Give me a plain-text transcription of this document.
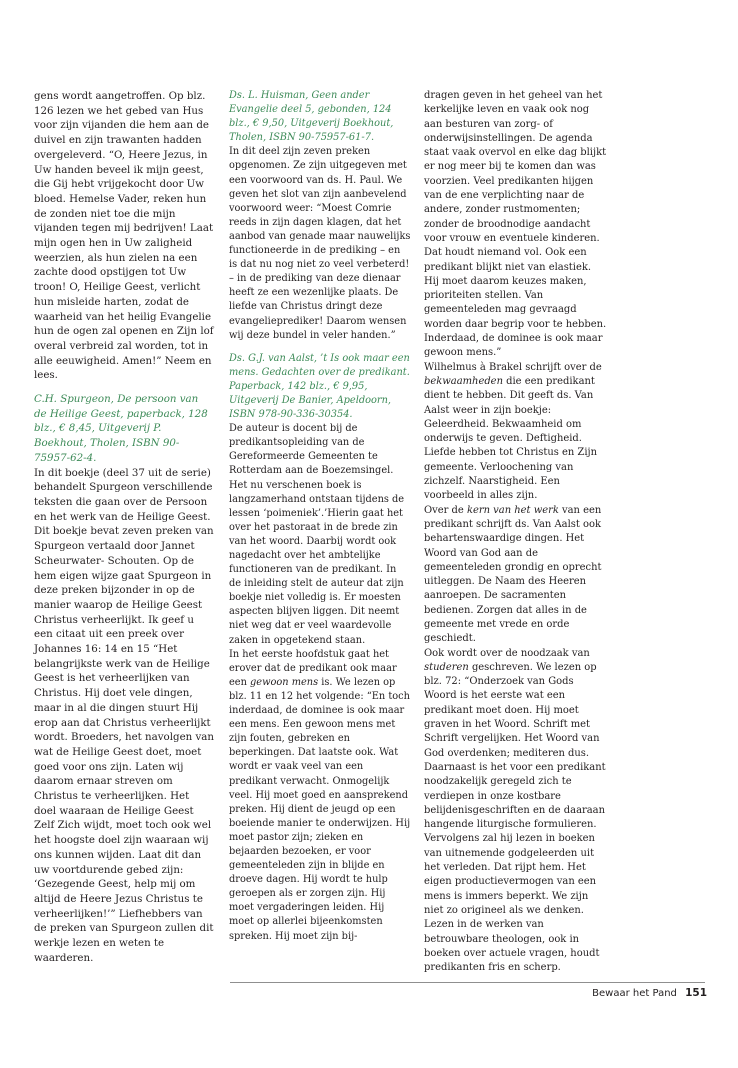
gens wordt aangetroffen. Op blz. 126 lezen we het gebed van Hus voor zijn vijanden die hem aan de duivel en zijn trawanten hadden overgeleverd. “O, Heere Jezus, in Uw handen beveel ik mijn geest, die Gij hebt vrijgekocht door Uw bloed. Hemelse Vader, reken hun de zonden niet toe die mijn vijanden tegen mij bedrijven! Laat mijn ogen hen in Uw zaligheid weerzien, als hun zielen na een zachte dood opstijgen tot Uw troon! O, Heilige Geest, verlicht hun misleide harten, zodat de waarheid van het heilig Evangelie hun de ogen zal openen en Zijn lof overal verbreid zal worden, tot in alle eeuwigheid. Amen!” Neem en lees.

C.H. Spurgeon, De persoon van de Heilige Geest, paperback, 128 blz., € 8,45, Uitgeverij P. Boekhout, Tholen, ISBN 90-75957-62-4.

In dit boekje (deel 37 uit de serie) behandelt Spurgeon verschillende teksten die gaan over de Persoon en het werk van de Heilige Geest. Dit boekje bevat zeven preken van Spurgeon vertaald door Jannet Scheurwater- Schouten. Op de hem eigen wijze gaat Spurgeon in deze preken bijzonder in op de manier waarop de Heilige Geest Christus verheerlijkt. Ik geef u een citaat uit een preek over Johannes 16: 14 en 15 “Het belangrijkste werk van de Heilige Geest is het verheerlijken van Christus. Hij doet vele dingen, maar in al die dingen stuurt Hij erop aan dat Christus verheerlijkt wordt. Broeders, het navolgen van wat de Heilige Geest doet, moet goed voor ons zijn. Laten wij daarom ernaar streven om Christus te verheerlijken. Het doel waaraan de Heilige Geest Zelf Zich wijdt, moet toch ook wel het hoogste doel zijn waaraan wij ons kunnen wijden. Laat dit dan uw voortdurende gebed zijn: ‘Gezegende Geest, help mij om altijd de Heere Jezus Christus te verheerlijken!’” Liefhebbers van de preken van Spurgeon zullen dit werkje lezen en weten te waarderen.

Ds. L. Huisman, Geen ander Evangelie deel 5, gebonden, 124 blz., € 9,50, Uitgeverij Boekhout, Tholen, ISBN 90-75957-61-7.

In dit deel zijn zeven preken opgenomen. Ze zijn uitgegeven met een voorwoord van ds. H. Paul. We geven het slot van zijn aanbevelend voorwoord weer: “Moest Comrie reeds in zijn dagen klagen, dat het aanbod van genade maar nauwelijks functioneerde in de prediking – en is dat nu nog niet zo veel verbeterd! – in de prediking van deze dienaar heeft ze een wezenlijke plaats. De liefde van Christus dringt deze evangelieprediker! Daarom wensen wij deze bundel in veler handen.”

Ds. G.J. van Aalst, ’t Is ook maar een mens. Gedachten over de predikant. Paperback, 142 blz., € 9,95, Uitgeverij De Banier, Apeldoorn, ISBN 978-90-336-30354.

De auteur is docent bij de predikantsopleiding van de Gereformeerde Gemeenten te Rotterdam aan de Boezemsingel. Het nu verschenen boek is langzamerhand ontstaan tijdens de lessen ‘poimeniek’.’Hierin gaat het over het pastoraat in de brede zin van het woord. Daarbij wordt ook nagedacht over het ambtelijke functioneren van de predikant. In de inleiding stelt de auteur dat zijn boekje niet volledig is. Er moesten aspecten blijven liggen. Dit neemt niet weg dat er veel waardevolle zaken in opgetekend staan.

In het eerste hoofdstuk gaat het erover dat de predikant ook maar een gewoon mens is. We lezen op blz. 11 en 12 het volgende: “En toch inderdaad, de dominee is ook maar een mens. Een gewoon mens met zijn fouten, gebreken en beperkingen. Dat laatste ook. Wat wordt er vaak veel van een predikant verwacht. Onmogelijk veel. Hij moet goed en aansprekend preken. Hij dient de jeugd op een boeiende manier te onderwijzen. Hij moet pastor zijn; zieken en bejaarden bezoeken, er voor gemeenteleden zijn in blijde en droeve dagen. Hij wordt te hulp geroepen als er zorgen zijn. Hij moet vergaderingen leiden. Hij moet op allerlei bijeenkomsten spreken. Hij moet zijn bij-

dragen geven in het geheel van het kerkelijke leven en vaak ook nog aan besturen van zorg- of onderwijsinstellingen. De agenda staat vaak overvol en elke dag blijkt er nog meer bij te komen dan was voorzien. Veel predikanten hijgen van de ene verplichting naar de andere, zonder rustmomenten; zonder de broodnodige aandacht voor vrouw en eventuele kinderen. Dat houdt niemand vol. Ook een predikant blijkt niet van elastiek. Hij moet daarom keuzes maken, prioriteiten stellen. Van gemeenteleden mag gevraagd worden daar begrip voor te hebben. Inderdaad, de dominee is ook maar gewoon mens.”

Wilhelmus à Brakel schrijft over de bekwaamheden die een predikant dient te hebben. Dit geeft ds. Van Aalst weer in zijn boekje: Geleerdheid. Bekwaamheid om onderwijs te geven. Deftigheid. Liefde hebben tot Christus en Zijn gemeente. Verloochening van zichzelf. Naarstigheid. Een voorbeeld in alles zijn.

Over de kern van het werk van een predikant schrijft ds. Van Aalst ook behartenswaardige dingen. Het Woord van God aan de gemeenteleden grondig en oprecht uitleggen. De Naam des Heeren aanroepen. De sacramenten bedienen. Zorgen dat alles in de gemeente met vrede en orde geschiedt.

Ook wordt over de noodzaak van studeren geschreven. We lezen op blz. 72: “Onderzoek van Gods Woord is het eerste wat een predikant moet doen. Hij moet graven in het Woord. Schrift met Schrift vergelijken. Het Woord van God overdenken; mediteren dus. Daarnaast is het voor een predikant noodzakelijk geregeld zich te verdiepen in onze kostbare belijdenisgeschriften en de daaraan hangende liturgische formulieren. Vervolgens zal hij lezen in boeken van uitnemende godgeleerden uit het verleden. Dat rijpt hem. Het eigen productievermogen van een mens is immers beperkt. We zijn niet zo origineel als we denken. Lezen in de werken van betrouwbare theologen, ook in boeken over actuele vragen, houdt predikanten fris en scherp.

Bewaar het Pand 151
